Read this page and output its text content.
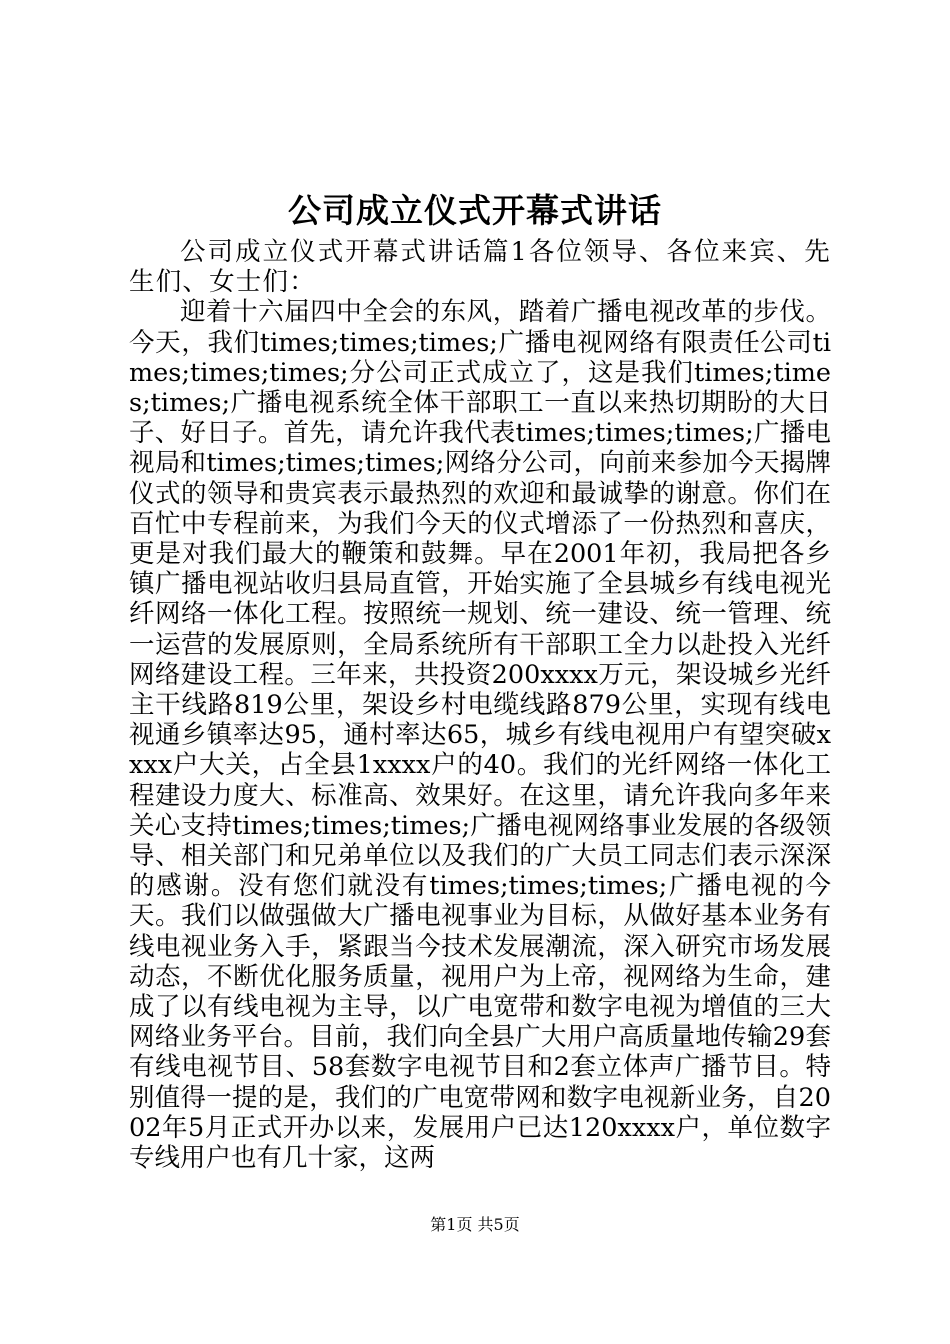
公司成立仪式开幕式讲话

公司成立仪式开幕式讲话篇1各位领导、各位来宾、先生们、女士们：

迎着十六届四中全会的东风，踏着广播电视改革的步伐。今天，我们times;times;times;广播电视网络有限责任公司times;times;times;分公司正式成立了，这是我们times;times;times;广播电视系统全体干部职工一直以来热切期盼的大日子、好日子。首先，请允许我代表times;times;times;广播电视局和times;times;times;网络分公司，向前来参加今天揭牌仪式的领导和贵宾表示最热烈的欢迎和最诚挚的谢意。你们在百忙中专程前来，为我们今天的仪式增添了一份热烈和喜庆，更是对我们最大的鞭策和鼓舞。早在2001年初，我局把各乡镇广播电视站收归县局直管，开始实施了全县城乡有线电视光纤网络一体化工程。按照统一规划、统一建设、统一管理、统一运营的发展原则，全局系统所有干部职工全力以赴投入光纤网络建设工程。三年来，共投资200xxxx万元，架设城乡光纤主干线路819公里，架设乡村电缆线路879公里，实现有线电视通乡镇率达95，通村率达65，城乡有线电视用户有望突破xxxx户大关，占全县1xxxx户的40。我们的光纤网络一体化工程建设力度大、标准高、效果好。在这里，请允许我向多年来关心支持times;times;times;广播电视网络事业发展的各级领导、相关部门和兄弟单位以及我们的广大员工同志们表示深深的感谢。没有您们就没有times;times;times;广播电视的今天。我们以做强做大广播电视事业为目标，从做好基本业务有线电视业务入手，紧跟当今技术发展潮流，深入研究市场发展动态，不断优化服务质量，视用户为上帝，视网络为生命，建成了以有线电视为主导，以广电宽带和数字电视为增值的三大网络业务平台。目前，我们向全县广大用户高质量地传输29套有线电视节目、58套数字电视节目和2套立体声广播节目。特别值得一提的是，我们的广电宽带网和数字电视新业务，自2002年5月正式开办以来，发展用户已达120xxxx户，单位数字专线用户也有几十家，这两

第1页 共5页
